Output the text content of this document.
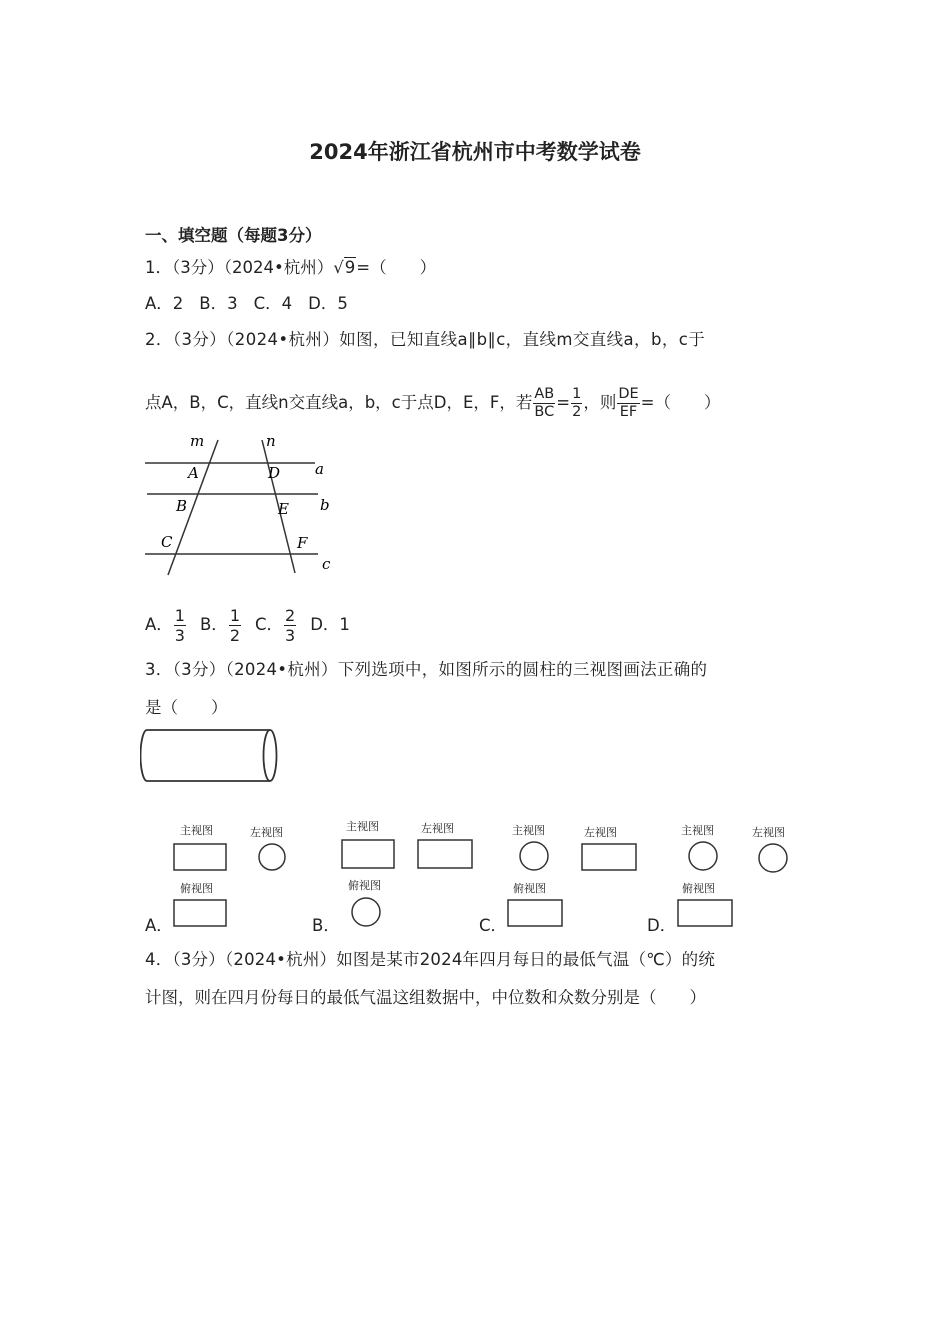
2024年浙江省杭州市中考数学试卷
一、填空题（每题3分）
1．（3分）（2024•杭州）√9=（　　）
A．2 B．3 C．4 D．5
2．（3分）（2024•杭州）如图，已知直线a∥b∥c，直线m交直线a，b，c于
点A，B，C，直线n交直线a，b，c于点D，E，F，若 $\frac{AB}{BC} = \frac{1}{2}$ ，则 $\frac{DE}{EF}$ =（　　）
m	n
A	D a
B	E b
C	F
c
A． $\frac{1}{3}$ B． $\frac{1}{2}$ C． $\frac{2}{3}$ D．1
3．（3分）（2024•杭州）下列选项中，如图所示的圆柱的三视图画法正确的
是（　　）
A．
主视图	左视图
俯视图
B．
主视图	左视图
俯视图
C．
主视图	左视图
俯视图
D．
主视图	左视图
俯视图
4．（3分）（2024•杭州）如图是某市2024年四月每日的最低气温（℃）的统
计图，则在四月份每日的最低气温这组数据中，中位数和众数分别是（　　）
